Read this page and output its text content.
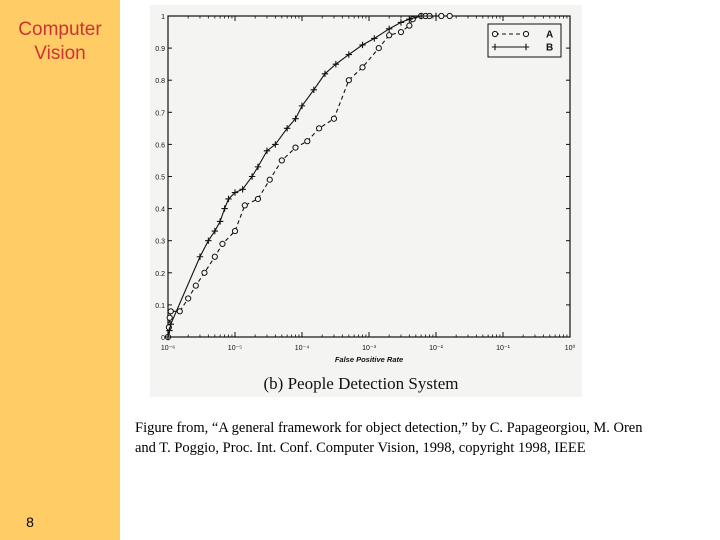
Computer
Vision
8
0
0.1
0.2
0.3
0.4
0.5
0.6
0.7
0.8
0.9
1
10⁻⁶	10⁻⁵	10⁻⁴	10⁻³	10⁻²	10⁻¹	10⁰
False Positive Rate
(b) People Detection System
A
B
Figure from, “A general framework for object detection,” by C. Papageorgiou, M. Oren
and T. Poggio, Proc. Int. Conf. Computer Vision, 1998, copyright 1998, IEEE
